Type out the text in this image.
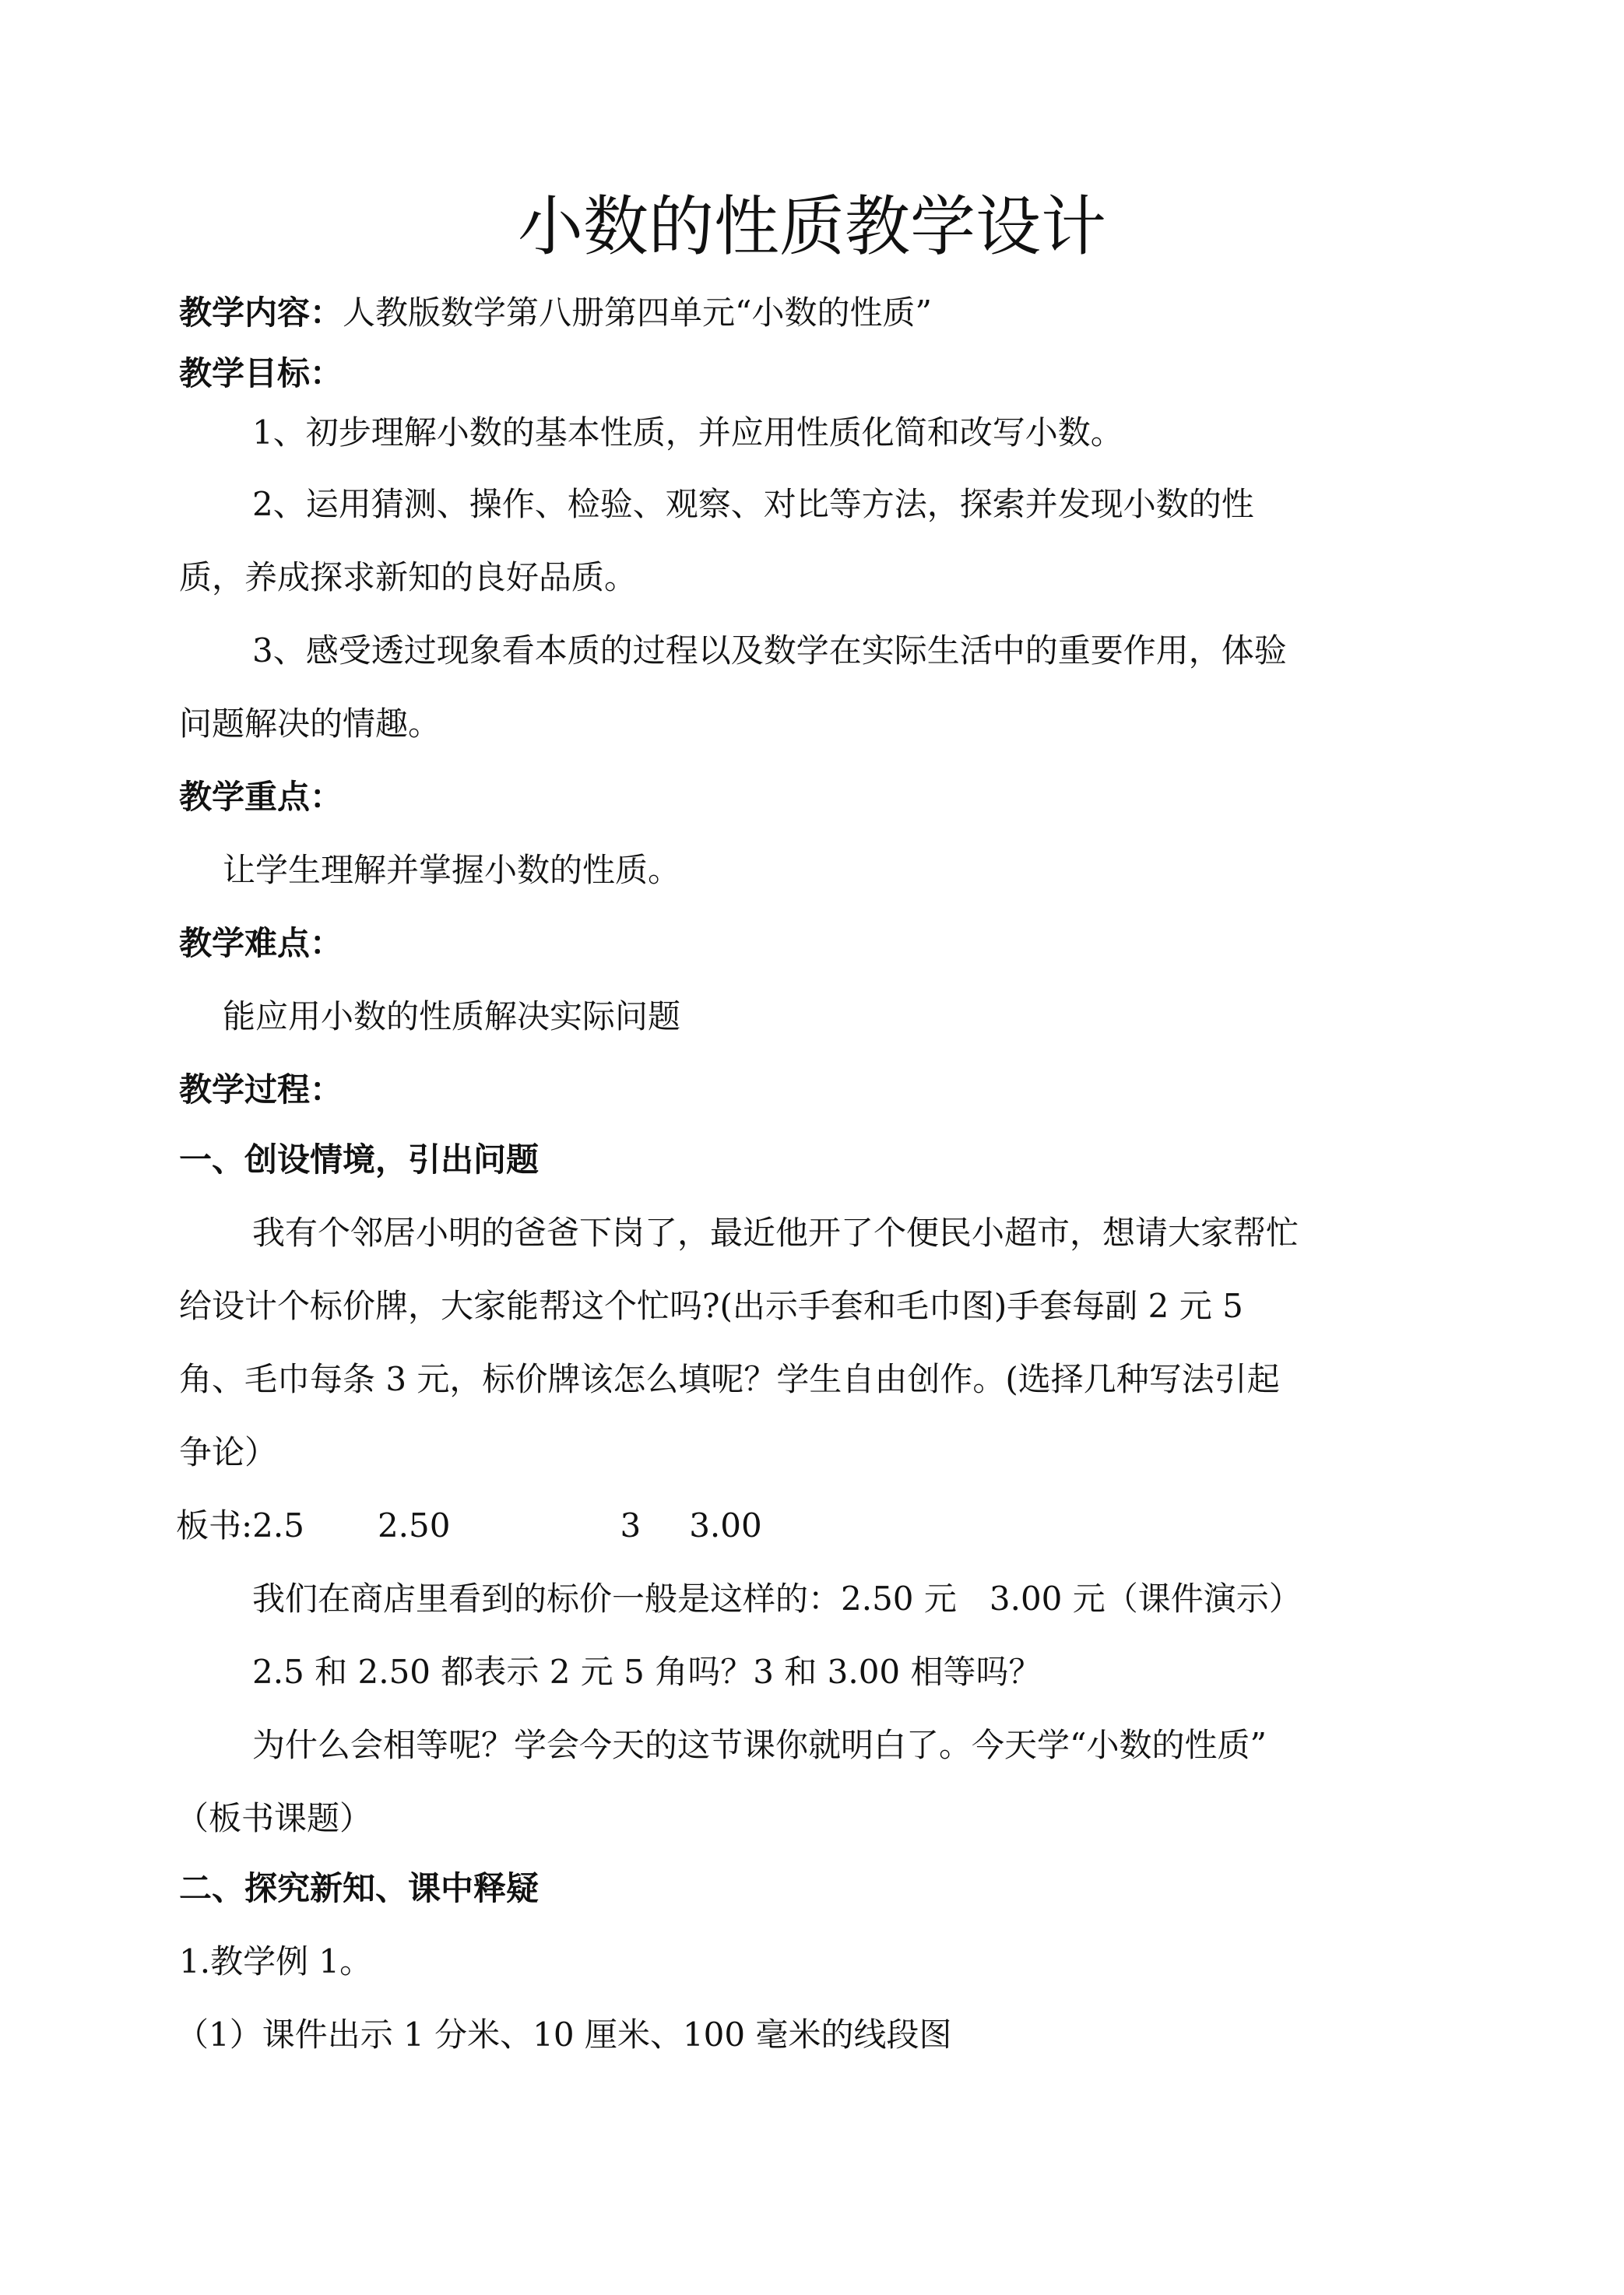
小数的性质教学设计

教学内容：人教版数学第八册第四单元“小数的性质”

教学目标：

1、初步理解小数的基本性质，并应用性质化简和改写小数。

2、运用猜测、操作、检验、观察、对比等方法，探索并发现小数的性

质，养成探求新知的良好品质。

3、感受透过现象看本质的过程以及数学在实际生活中的重要作用，体验

问题解决的情趣。

教学重点：

让学生理解并掌握小数的性质。

教学难点：

能应用小数的性质解决实际问题

教学过程：

一、创设情境，引出问题

我有个邻居小明的爸爸下岗了，最近他开了个便民小超市，想请大家帮忙

给设计个标价牌，大家能帮这个忙吗?(出示手套和毛巾图)手套每副 2 元 5

角、毛巾每条 3 元，标价牌该怎么填呢？学生自由创作。(选择几种写法引起

争论）

板书:2.5 2.50	3 3.00

我们在商店里看到的标价一般是这样的：2.50 元　3.00 元（课件演示）

2.5 和 2.50 都表示 2 元 5 角吗？3 和 3.00 相等吗？

为什么会相等呢？学会今天的这节课你就明白了。今天学“小数的性质”

（板书课题）

二、探究新知、课中释疑

1.教学例 1。

（1）课件出示 1 分米、10 厘米、100 毫米的线段图
